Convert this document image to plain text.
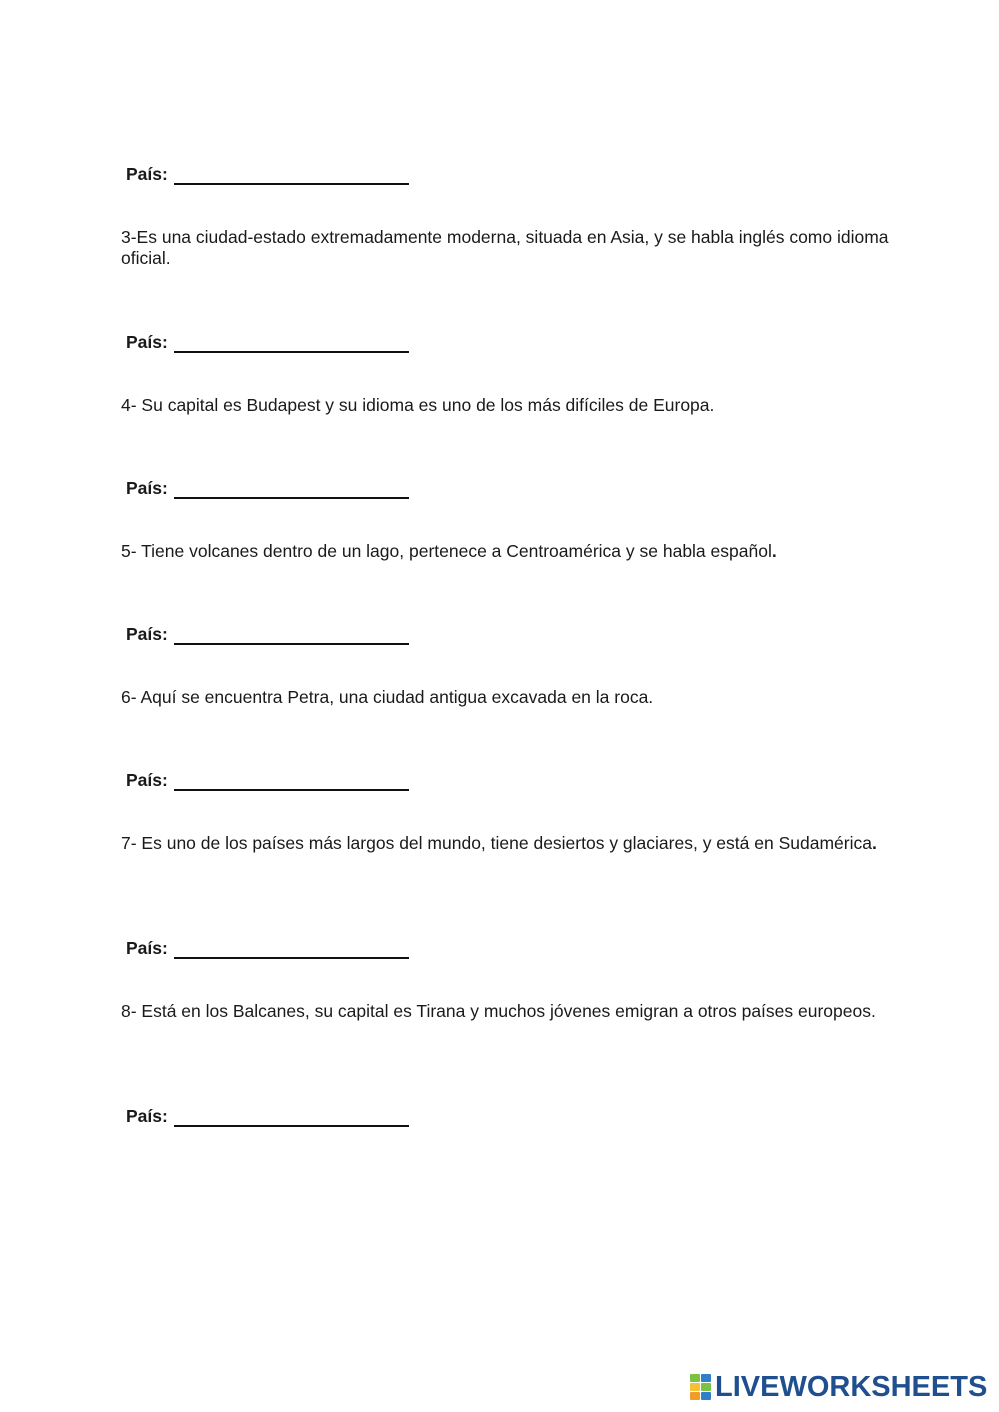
País:
3-Es una ciudad-estado extremadamente moderna, situada en Asia, y se habla inglés como idioma oficial.
País:
4- Su capital es Budapest y su idioma es uno de los más difíciles de Europa.
País:
5- Tiene volcanes dentro de un lago, pertenece a Centroamérica y se habla español.
País:
6- Aquí se encuentra Petra, una ciudad antigua excavada en la roca.
País:
7- Es uno de los países más largos del mundo, tiene desiertos y glaciares, y está en Sudamérica.
País:
8- Está en los Balcanes, su capital es Tirana y muchos jóvenes emigran a otros países europeos.
País:
LIVEWORKSHEETS
